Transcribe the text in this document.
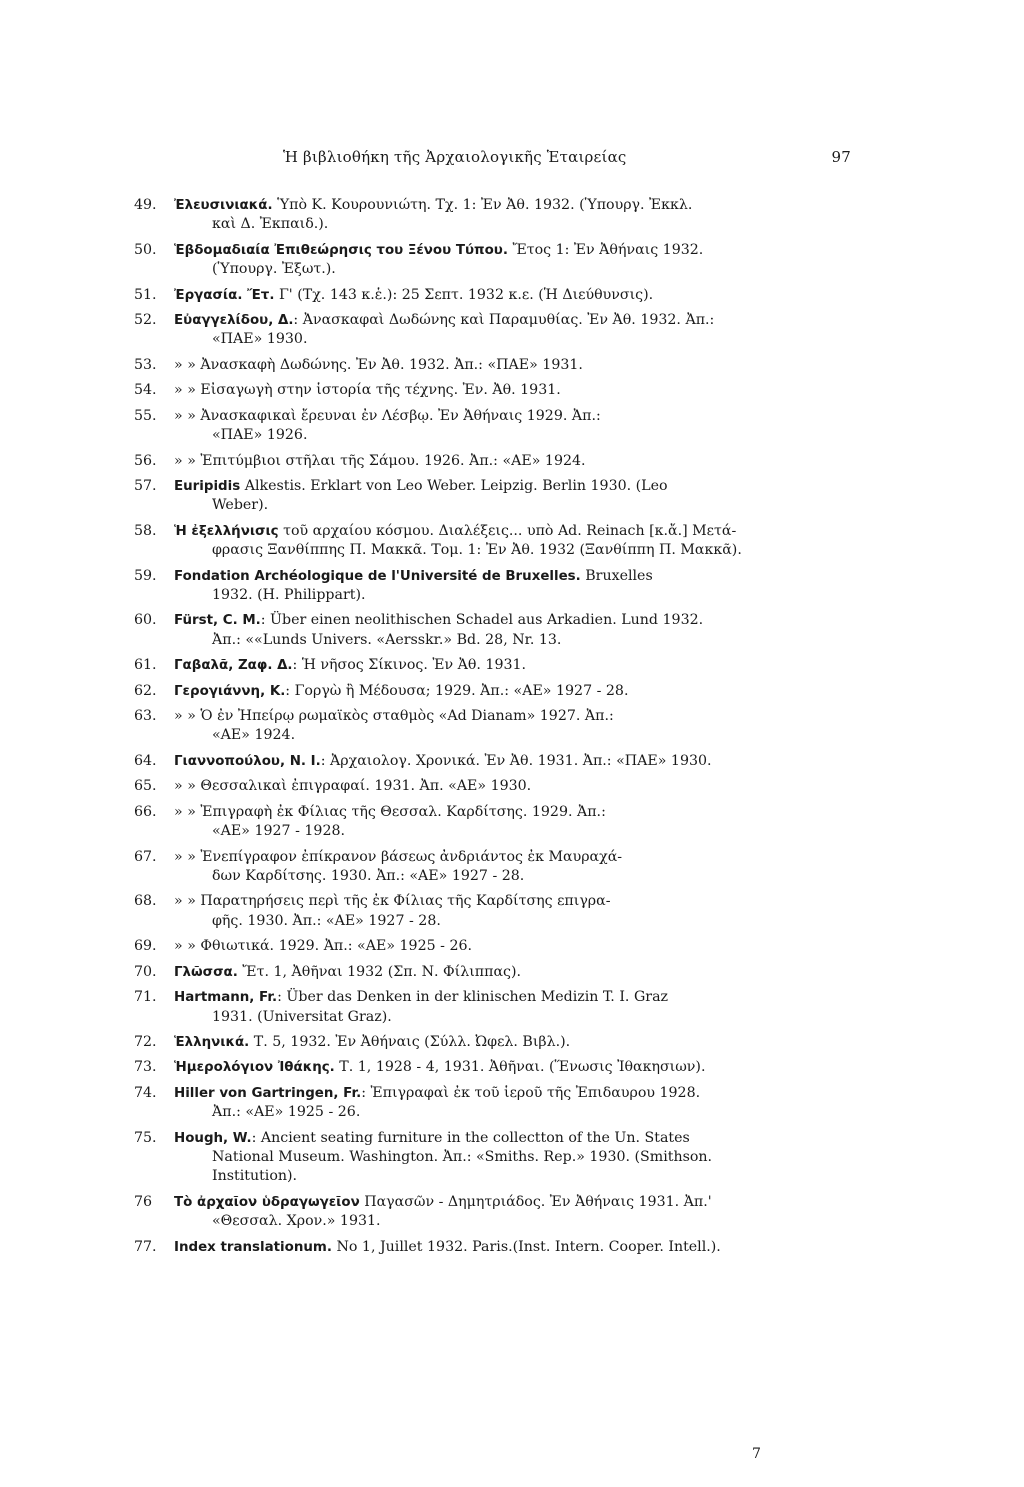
Ἡ βιβλιοθήκη τῆς Ἀρχαιολογικῆς Ἑταιρείας	97
49.	Ἐλευσινιακά. Ὑπὸ Κ. Κουρουνιώτη. Τχ. 1: Ἐν Ἀθ. 1932. (Ὑπουργ. Ἐκκλ.
καὶ Δ. Ἐκπαιδ.).
50.	Ἑβδομαδιαία Ἐπιθεώρησις του Ξένου Τύπου. Ἔτος 1: Ἐν Ἀθήναις 1932.
(Ὑπουργ. Ἐξωτ.).
51.	Ἐργασία. Ἔτ. Γ' (Τχ. 143 κ.ἑ.): 25 Σεπτ. 1932 κ.ε. (Ἡ Διεύθυνσις).
52.	Εὐαγγελίδου, Δ.: Ἀνασκαφαὶ Δωδώνης καὶ Παραμυθίας. Ἐν Ἀθ. 1932. Ἀπ.:
«ΠΑΕ» 1930.
53.	» » Ἀνασκαφὴ Δωδώνης. Ἐν Ἀθ. 1932. Ἀπ.: «ΠΑΕ» 1931.
54.	» » Εἰσαγωγὴ στην ἱστορία τῆς τέχνης. Ἐν. Ἀθ. 1931.
55.	» » Ἀνασκαφικαὶ ἔρευναι ἐν Λέσβῳ. Ἐν Ἀθήναις 1929. Ἀπ.:
«ΠΑΕ» 1926.
56.	» » Ἐπιτύμβιοι στῆλαι τῆς Σάμου. 1926. Ἀπ.: «ΑΕ» 1924.
57.	Euripidis Alkestis. Erklart von Leo Weber. Leipzig. Berlin 1930. (Leo
Weber).
58.	Ἡ ἐξελλήνισις τοῦ αρχαίου κόσμου. Διαλέξεις... υπὸ Ad. Reinach [κ.ἄ.] Μετά-
φρασις Ξανθίππης Π. Μακκᾶ. Τομ. 1: Ἐν Ἀθ. 1932 (Ξανθίππη Π. Μακκᾶ).
59.	Fondation Archéologique de l'Université de Bruxelles. Bruxelles
1932. (H. Philippart).
60.	Fürst, C. M.: Über einen neolithischen Schadel aus Arkadien. Lund 1932.
Ἀπ.: ««Lunds Univers. «Aersskr.» Bd. 28, Nr. 13.
61.	Γαβαλᾶ, Ζαφ. Δ.: Ἡ νῆσος Σίκινος. Ἐν Ἀθ. 1931.
62.	Γερογιάννη, Κ.: Γοργὼ ἢ Μέδουσα; 1929. Ἀπ.: «ΑΕ» 1927 - 28.
63.	» » Ὁ ἐν Ἠπείρῳ ρωμαϊκὸς σταθμὸς «Ad Dianam» 1927. Ἀπ.:
«ΑΕ» 1924.
64.	Γιαννοπούλου, Ν. Ι.: Ἀρχαιολογ. Χρονικά. Ἐν Ἀθ. 1931. Ἀπ.: «ΠΑΕ» 1930.
65.	» » Θεσσαλικαὶ ἐπιγραφαί. 1931. Ἀπ. «ΑΕ» 1930.
66.	» » Ἐπιγραφὴ ἐκ Φίλιας τῆς Θεσσαλ. Καρδίτσης. 1929. Ἀπ.:
«ΑΕ» 1927 - 1928.
67.	» » Ἐνεπίγραφον ἐπίκρανον βάσεως ἀνδριάντος ἐκ Μαυραχά-
δων Καρδίτσης. 1930. Ἀπ.: «ΑΕ» 1927 - 28.
68.	» » Παρατηρήσεις περὶ τῆς ἐκ Φίλιας τῆς Καρδίτσης επιγρα-
φῆς. 1930. Ἀπ.: «ΑΕ» 1927 - 28.
69.	» » Φθιωτικά. 1929. Ἀπ.: «ΑΕ» 1925 - 26.
70.	Γλῶσσα. Ἔτ. 1, Ἀθῆναι 1932 (Σπ. Ν. Φίλιππας).
71.	Hartmann, Fr.: Über das Denken in der klinischen Medizin T. I. Graz
1931. (Universitat Graz).
72.	Ἑλληνικά. Τ. 5, 1932. Ἐν Ἀθήναις (Σύλλ. Ὠφελ. Βιβλ.).
73.	Ἡμερολόγιον Ἰθάκης. Τ. 1, 1928 - 4, 1931. Ἀθῆναι. (Ἕνωσις Ἰθακησιων).
74.	Hiller von Gartringen, Fr.: Ἐπιγραφαὶ ἐκ τοῦ ἱεροῦ τῆς Ἐπιδαυρου 1928.
Ἀπ.: «ΑΕ» 1925 - 26.
75.	Hough, W.: Ancient seating furniture in the collectton of the Un. States
National Museum. Washington. Ἀπ.: «Smiths. Rep.» 1930. (Smithson.
Institution).
76	Τὸ ἀρχαῖον ὑδραγωγεῖον Παγασῶν - Δημητριάδος. Ἐν Ἀθήναις 1931. Ἀπ.'
«Θεσσαλ. Χρον.» 1931.
77.	Index translationum. No 1, Juillet 1932. Paris.(Inst. Intern. Cooper. Intell.).
7
